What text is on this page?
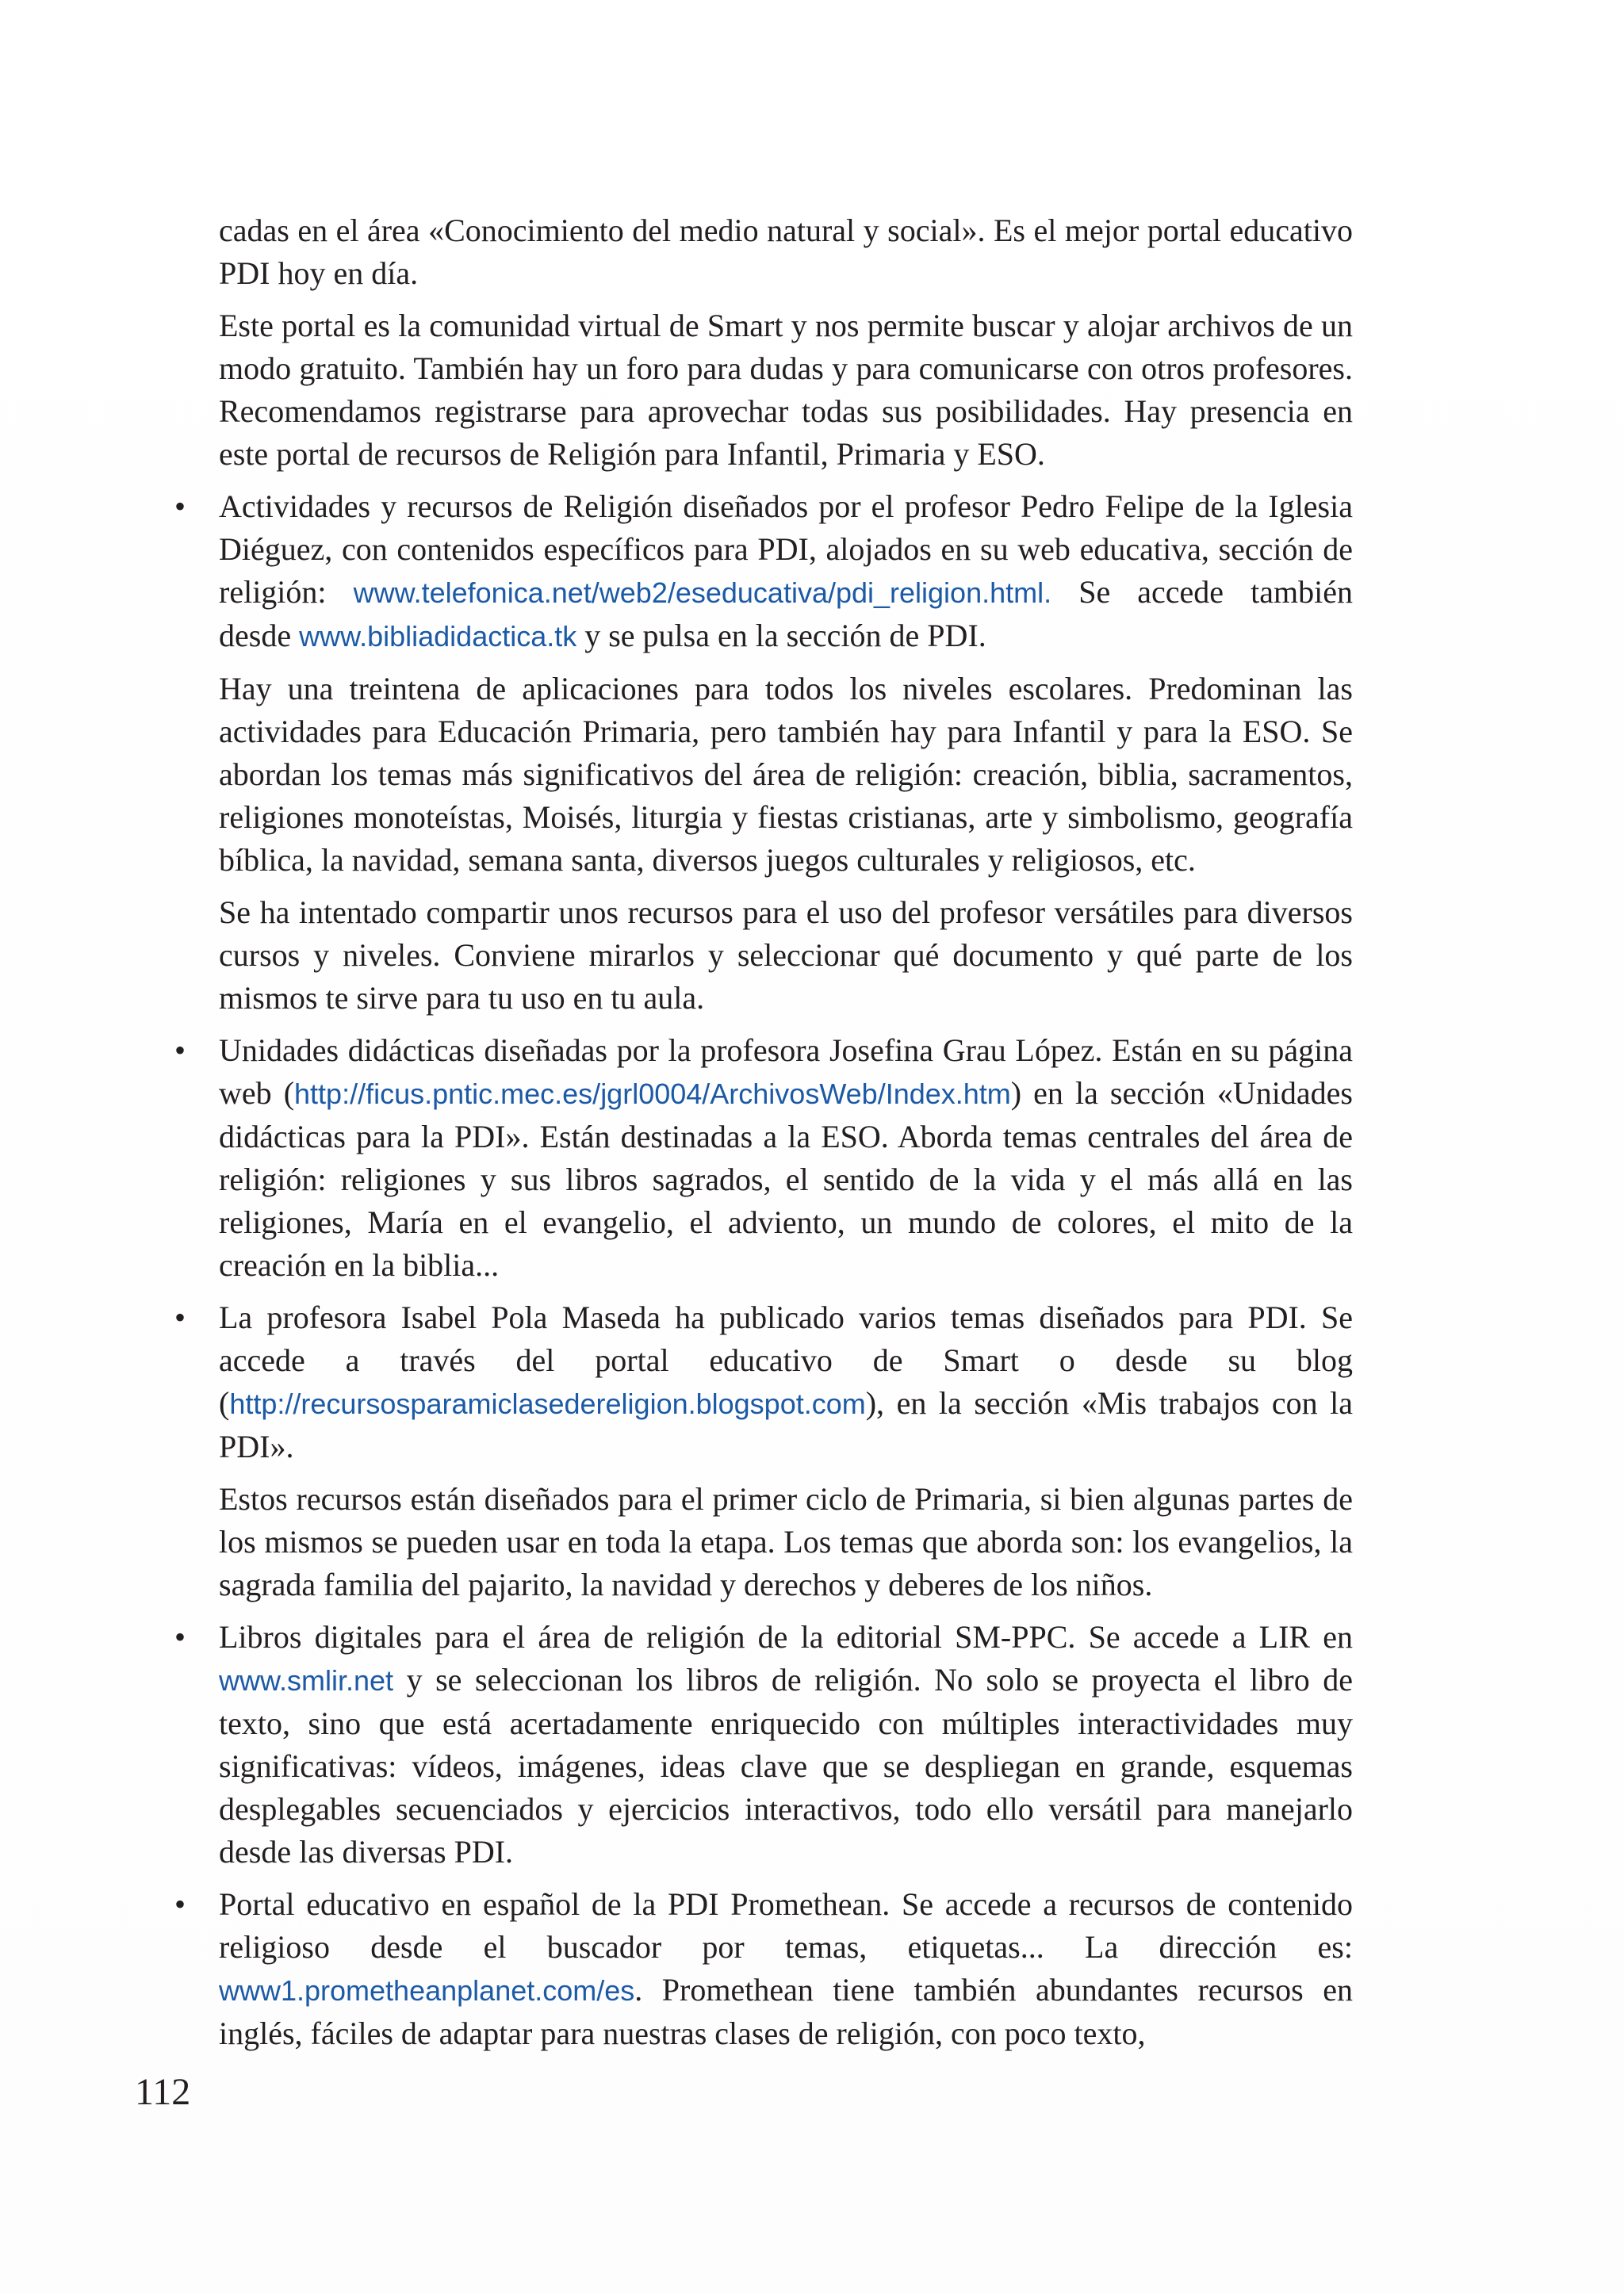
cadas en el área «Conocimiento del medio natural y social». Es el mejor portal educativo PDI hoy en día.

Este portal es la comunidad virtual de Smart y nos permite buscar y alojar archivos de un modo gratuito. También hay un foro para dudas y para comunicarse con otros profesores. Recomendamos registrarse para aprovechar todas sus posibilidades. Hay presencia en este portal de recursos de Religión para Infantil, Primaria y ESO.

• Actividades y recursos de Religión diseñados por el profesor Pedro Felipe de la Iglesia Diéguez, con contenidos específicos para PDI, alojados en su web educativa, sección de religión: www.telefonica.net/web2/eseducativa/pdi_religion.html. Se accede también desde www.bibliadidactica.tk y se pulsa en la sección de PDI.

Hay una treintena de aplicaciones para todos los niveles escolares. Predominan las actividades para Educación Primaria, pero también hay para Infantil y para la ESO. Se abordan los temas más significativos del área de religión: creación, biblia, sacramentos, religiones monoteístas, Moisés, liturgia y fiestas cristianas, arte y simbolismo, geografía bíblica, la navidad, semana santa, diversos juegos culturales y religiosos, etc.

Se ha intentado compartir unos recursos para el uso del profesor versátiles para diversos cursos y niveles. Conviene mirarlos y seleccionar qué documento y qué parte de los mismos te sirve para tu uso en tu aula.

• Unidades didácticas diseñadas por la profesora Josefina Grau López. Están en su página web (http://ficus.pntic.mec.es/jgrl0004/ArchivosWeb/Index.htm) en la sección «Unidades didácticas para la PDI». Están destinadas a la ESO. Aborda temas centrales del área de religión: religiones y sus libros sagrados, el sentido de la vida y el más allá en las religiones, María en el evangelio, el adviento, un mundo de colores, el mito de la creación en la biblia...

• La profesora Isabel Pola Maseda ha publicado varios temas diseñados para PDI. Se accede a través del portal educativo de Smart o desde su blog (http://recursosparamiclasedereligion.blogspot.com), en la sección «Mis trabajos con la PDI».

Estos recursos están diseñados para el primer ciclo de Primaria, si bien algunas partes de los mismos se pueden usar en toda la etapa. Los temas que aborda son: los evangelios, la sagrada familia del pajarito, la navidad y derechos y deberes de los niños.

• Libros digitales para el área de religión de la editorial SM-PPC. Se accede a LIR en www.smlir.net y se seleccionan los libros de religión. No solo se proyecta el libro de texto, sino que está acertadamente enriquecido con múltiples interactividades muy significativas: vídeos, imágenes, ideas clave que se despliegan en grande, esquemas desplegables secuenciados y ejercicios interactivos, todo ello versátil para manejarlo desde las diversas PDI.

• Portal educativo en español de la PDI Promethean. Se accede a recursos de contenido religioso desde el buscador por temas, etiquetas... La dirección es: www1.prometheanplanet.com/es. Promethean tiene también abundantes recursos en inglés, fáciles de adaptar para nuestras clases de religión, con poco texto,

112
